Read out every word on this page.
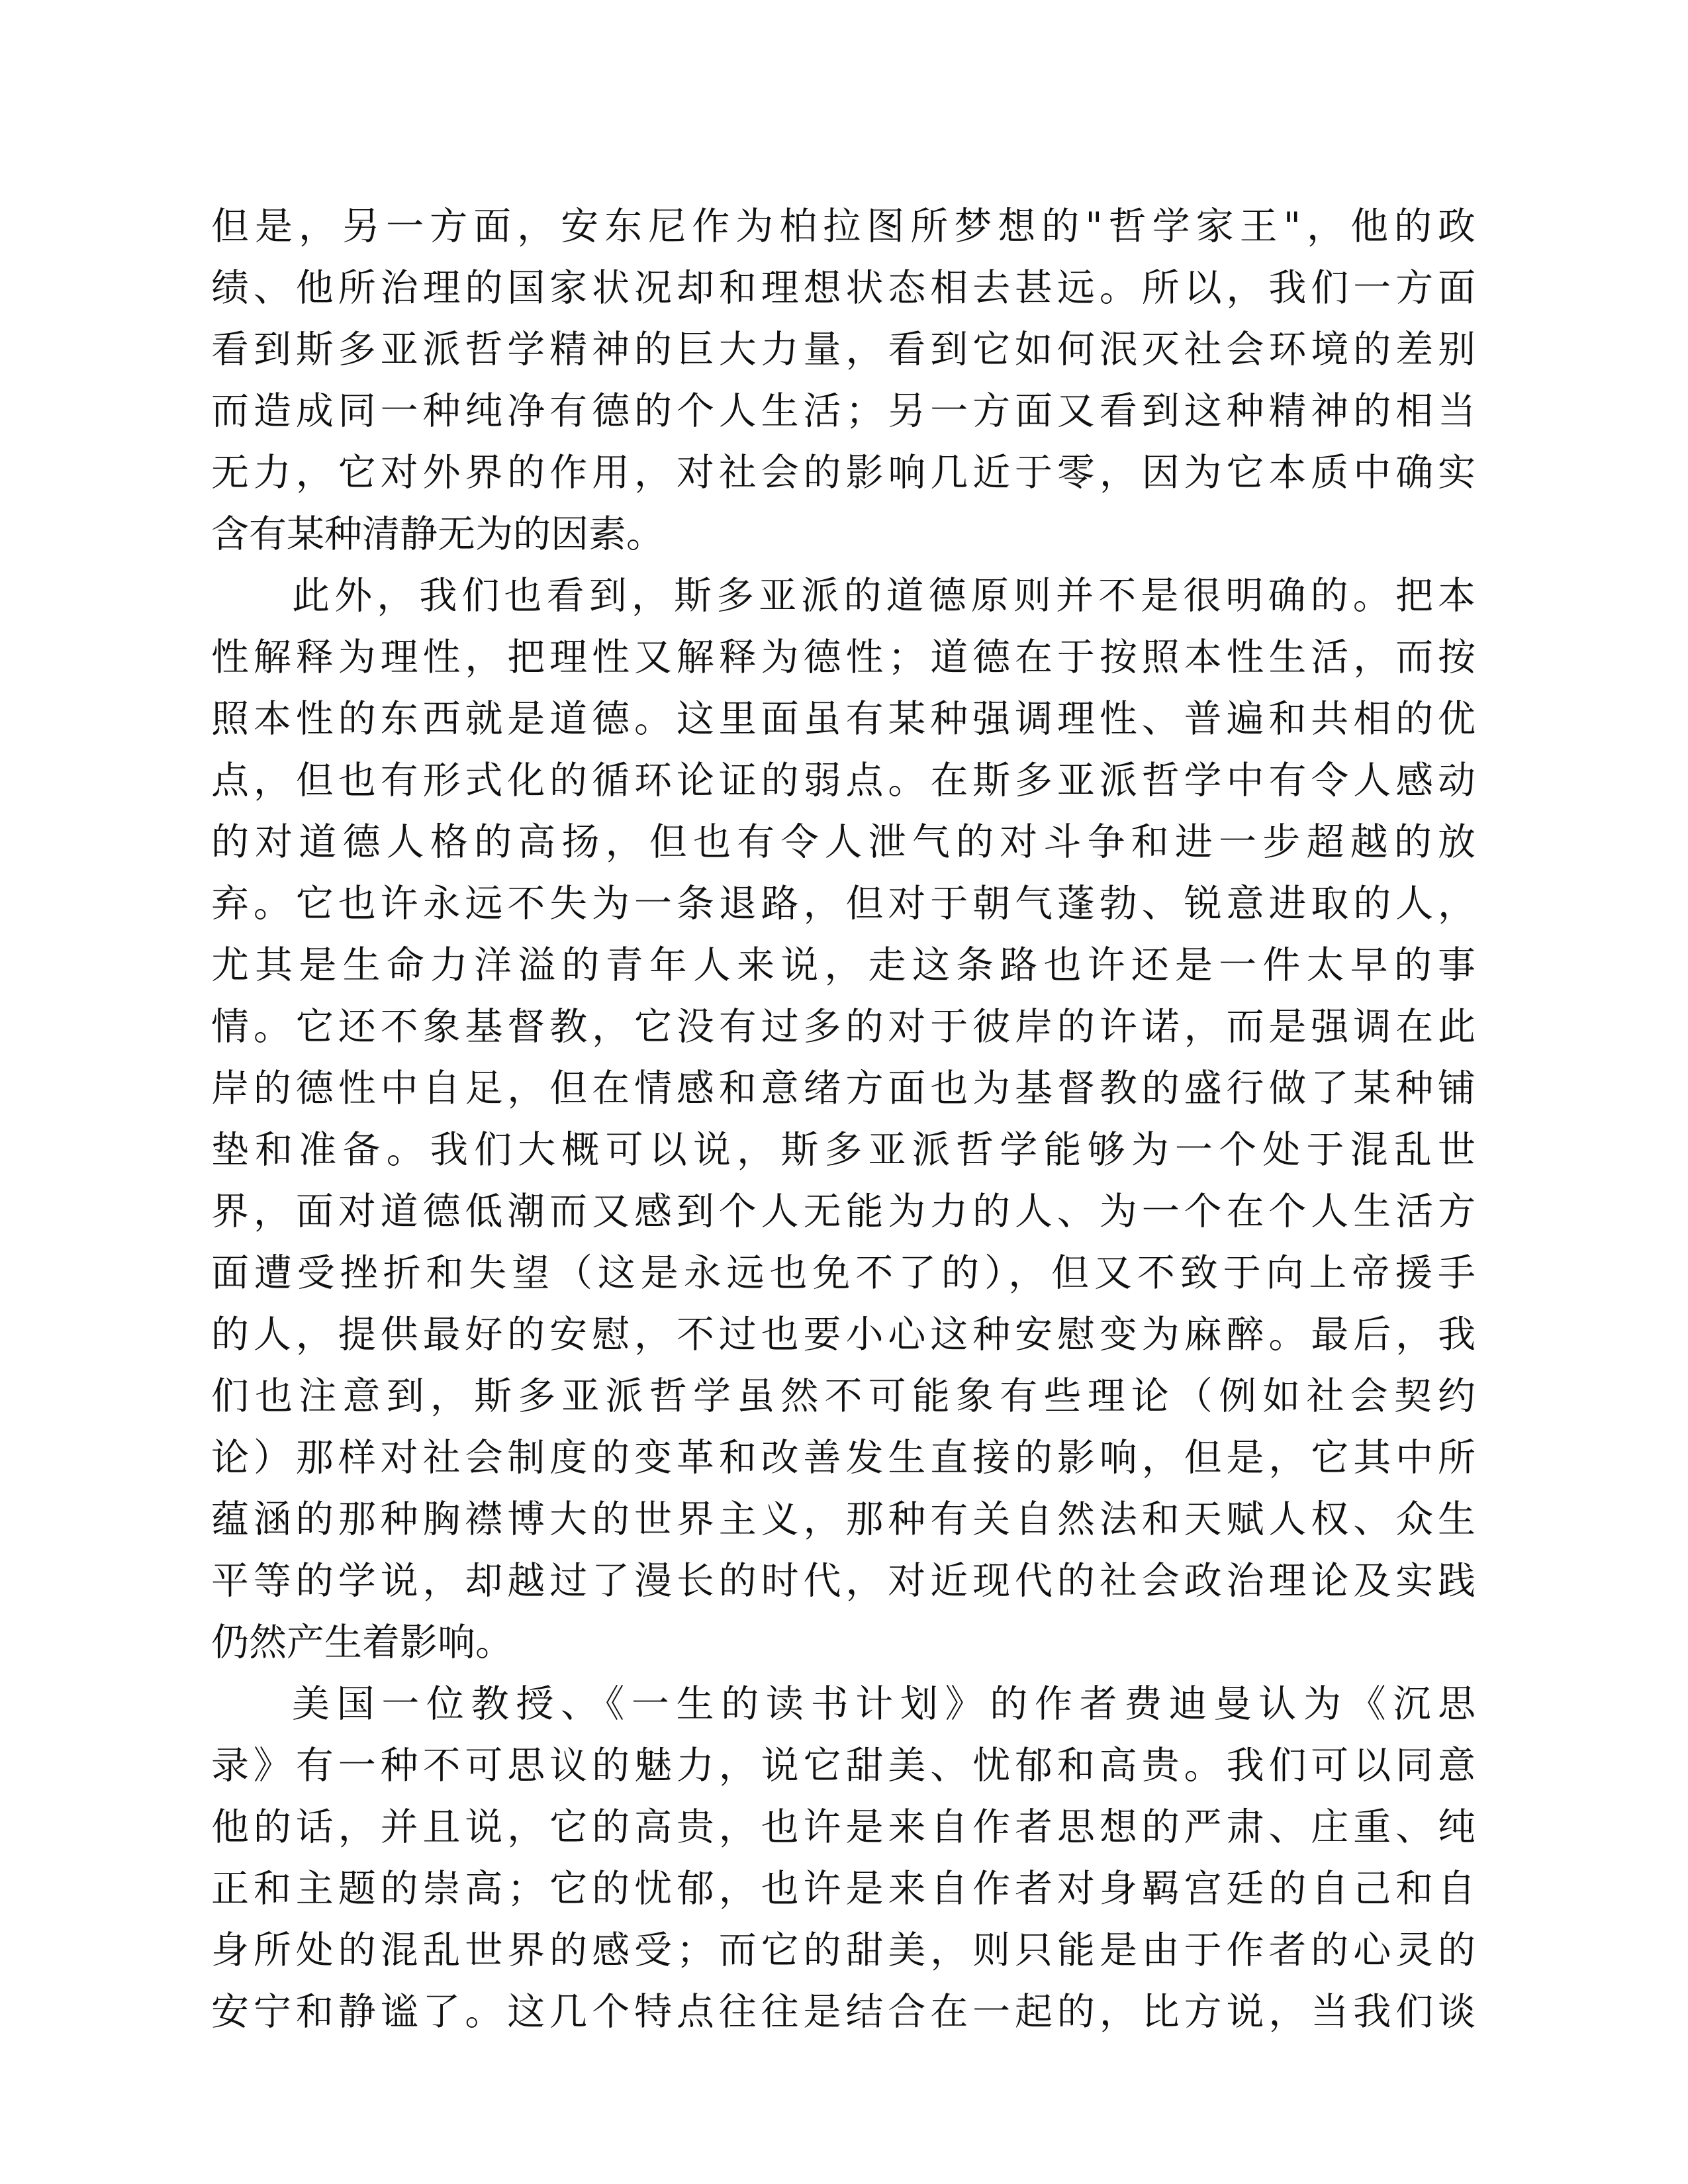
但是，另一方面，安东尼作为柏拉图所梦想的"哲学家王"，他的政
绩、他所治理的国家状况却和理想状态相去甚远。所以，我们一方面
看到斯多亚派哲学精神的巨大力量，看到它如何泯灭社会环境的差别
而造成同一种纯净有德的个人生活；另一方面又看到这种精神的相当
无力，它对外界的作用，对社会的影响几近于零，因为它本质中确实
含有某种清静无为的因素。
此外，我们也看到，斯多亚派的道德原则并不是很明确的。把本
性解释为理性，把理性又解释为德性；道德在于按照本性生活，而按
照本性的东西就是道德。这里面虽有某种强调理性、普遍和共相的优
点，但也有形式化的循环论证的弱点。在斯多亚派哲学中有令人感动
的对道德人格的高扬，但也有令人泄气的对斗争和进一步超越的放
弃。它也许永远不失为一条退路，但对于朝气蓬勃、锐意进取的人，
尤其是生命力洋溢的青年人来说，走这条路也许还是一件太早的事
情。它还不象基督教，它没有过多的对于彼岸的许诺，而是强调在此
岸的德性中自足，但在情感和意绪方面也为基督教的盛行做了某种铺
垫和准备。我们大概可以说，斯多亚派哲学能够为一个处于混乱世
界，面对道德低潮而又感到个人无能为力的人、为一个在个人生活方
面遭受挫折和失望（这是永远也免不了的），但又不致于向上帝援手
的人，提供最好的安慰，不过也要小心这种安慰变为麻醉。最后，我
们也注意到，斯多亚派哲学虽然不可能象有些理论（例如社会契约
论）那样对社会制度的变革和改善发生直接的影响，但是，它其中所
蕴涵的那种胸襟博大的世界主义，那种有关自然法和天赋人权、众生
平等的学说，却越过了漫长的时代，对近现代的社会政治理论及实践
仍然产生着影响。
美国一位教授、《一生的读书计划》的作者费迪曼认为《沉思
录》有一种不可思议的魅力，说它甜美、忧郁和高贵。我们可以同意
他的话，并且说，它的高贵，也许是来自作者思想的严肃、庄重、纯
正和主题的崇高；它的忧郁，也许是来自作者对身羁宫廷的自己和自
身所处的混乱世界的感受；而它的甜美，则只能是由于作者的心灵的
安宁和静谧了。这几个特点往往是结合在一起的，比方说，当我们谈
